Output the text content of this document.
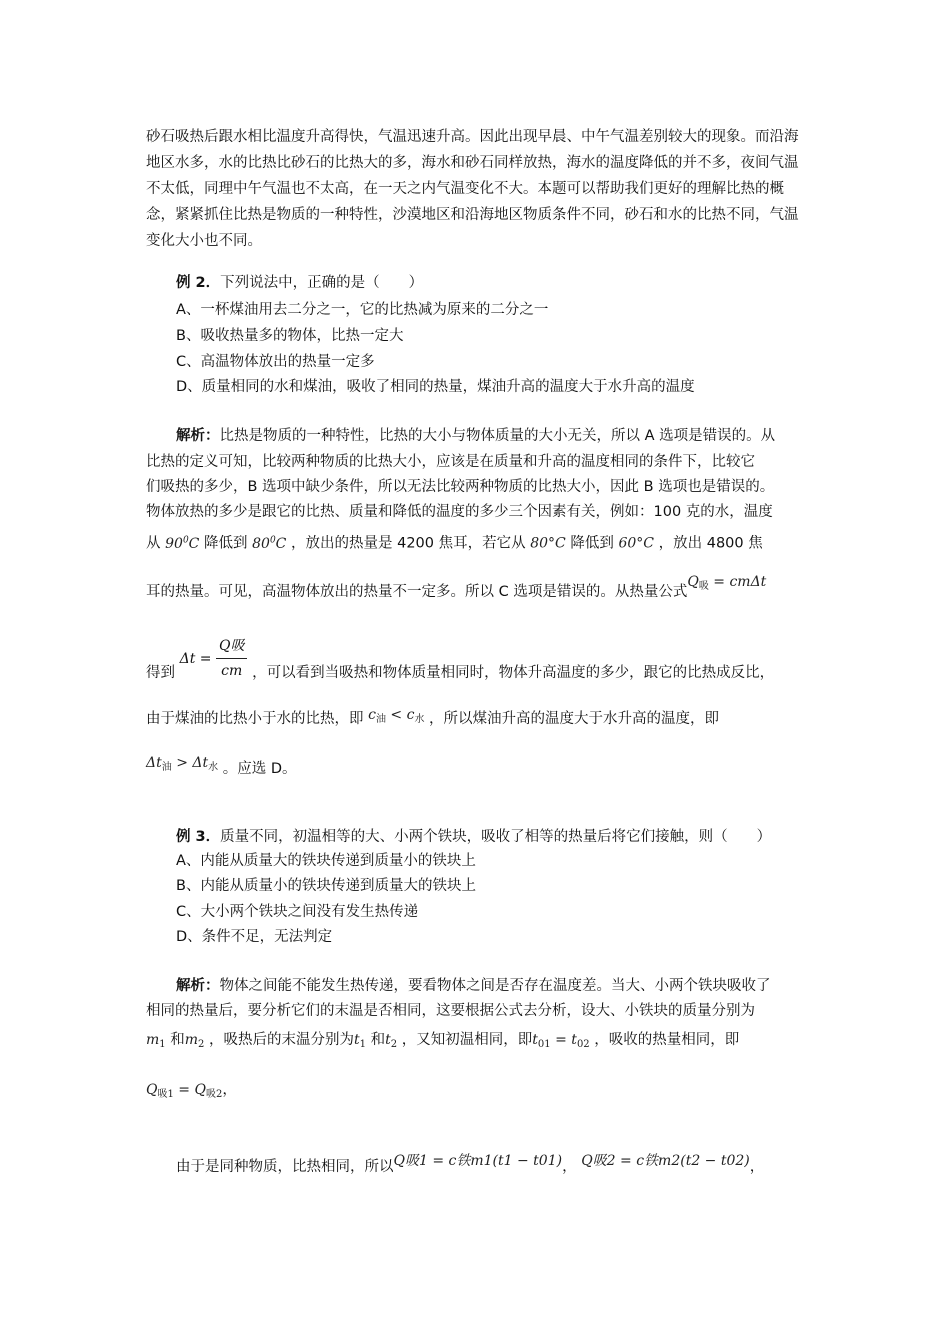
砂石吸热后跟水相比温度升高得快，气温迅速升高。因此出现早晨、中午气温差别较大的现象。而沿海地区水多，水的比热比砂石的比热大的多，海水和砂石同样放热，海水的温度降低的并不多，夜间气温不太低，同理中午气温也不太高，在一天之内气温变化不大。本题可以帮助我们更好的理解比热的概念，紧紧抓住比热是物质的一种特性，沙漠地区和沿海地区物质条件不同，砂石和水的比热不同，气温变化大小也不同。

例 2．下列说法中，正确的是（　　）
A、一杯煤油用去二分之一，它的比热减为原来的二分之一
B、吸收热量多的物体，比热一定大
C、高温物体放出的热量一定多
D、质量相同的水和煤油，吸收了相同的热量，煤油升高的温度大于水升高的温度
解析：比热是物质的一种特性，比热的大小与物体质量的大小无关，所以 A 选项是错误的。从
比热的定义可知，比较两种物质的比热大小，应该是在质量和升高的温度相同的条件下，比较它
们吸热的多少，B 选项中缺少条件，所以无法比较两种物质的比热大小，因此 B 选项也是错误的。
物体放热的多少是跟它的比热、质量和降低的温度的多少三个因素有关，例如：100 克的水，温度
从 $90^0C$ 降低到 $80^0C$ ，放出的热量是 4200 焦耳，若它从 80°C 降低到 60°C ，放出 4800 焦
耳的热量。可见，高温物体放出的热量不一定多。所以 C 选项是错误的。从热量公式$Q_吸 = cm\Delta t$
得到 $\Delta t = \frac{\text{Q吸}}{cm}$ ，可以看到当吸热和物体质量相同时，物体升高温度的多少，跟它的比热成反比，
由于煤油的比热小于水的比热，即 $c_油 < c_水$ ，所以煤油升高的温度大于水升高的温度，即
$\Delta t_油 > \Delta t_水$ 。应选 D。
例 3．质量不同，初温相等的大、小两个铁块，吸收了相等的热量后将它们接触，则（　　）
A、内能从质量大的铁块传递到质量小的铁块上
B、内能从质量小的铁块传递到质量大的铁块上
C、大小两个铁块之间没有发生热传递
D、条件不足，无法判定
解析：物体之间能不能发生热传递，要看物体之间是否存在温度差。当大、小两个铁块吸收了
相同的热量后，要分析它们的末温是否相同，这要根据公式去分析，设大、小铁块的质量分别为
$m_1$ 和$m_2$ ，吸热后的末温分别为$t_1$ 和$t_2$ ，又知初温相同，即$t_{01} = t_{02}$ ，吸收的热量相同，即
$Q_{吸1} = Q_{吸2}$，
由于是同种物质，比热相同，所以Q吸1 = c铁m1(t1 − t01)， Q吸2 = c铁m2(t2 − t02)，
